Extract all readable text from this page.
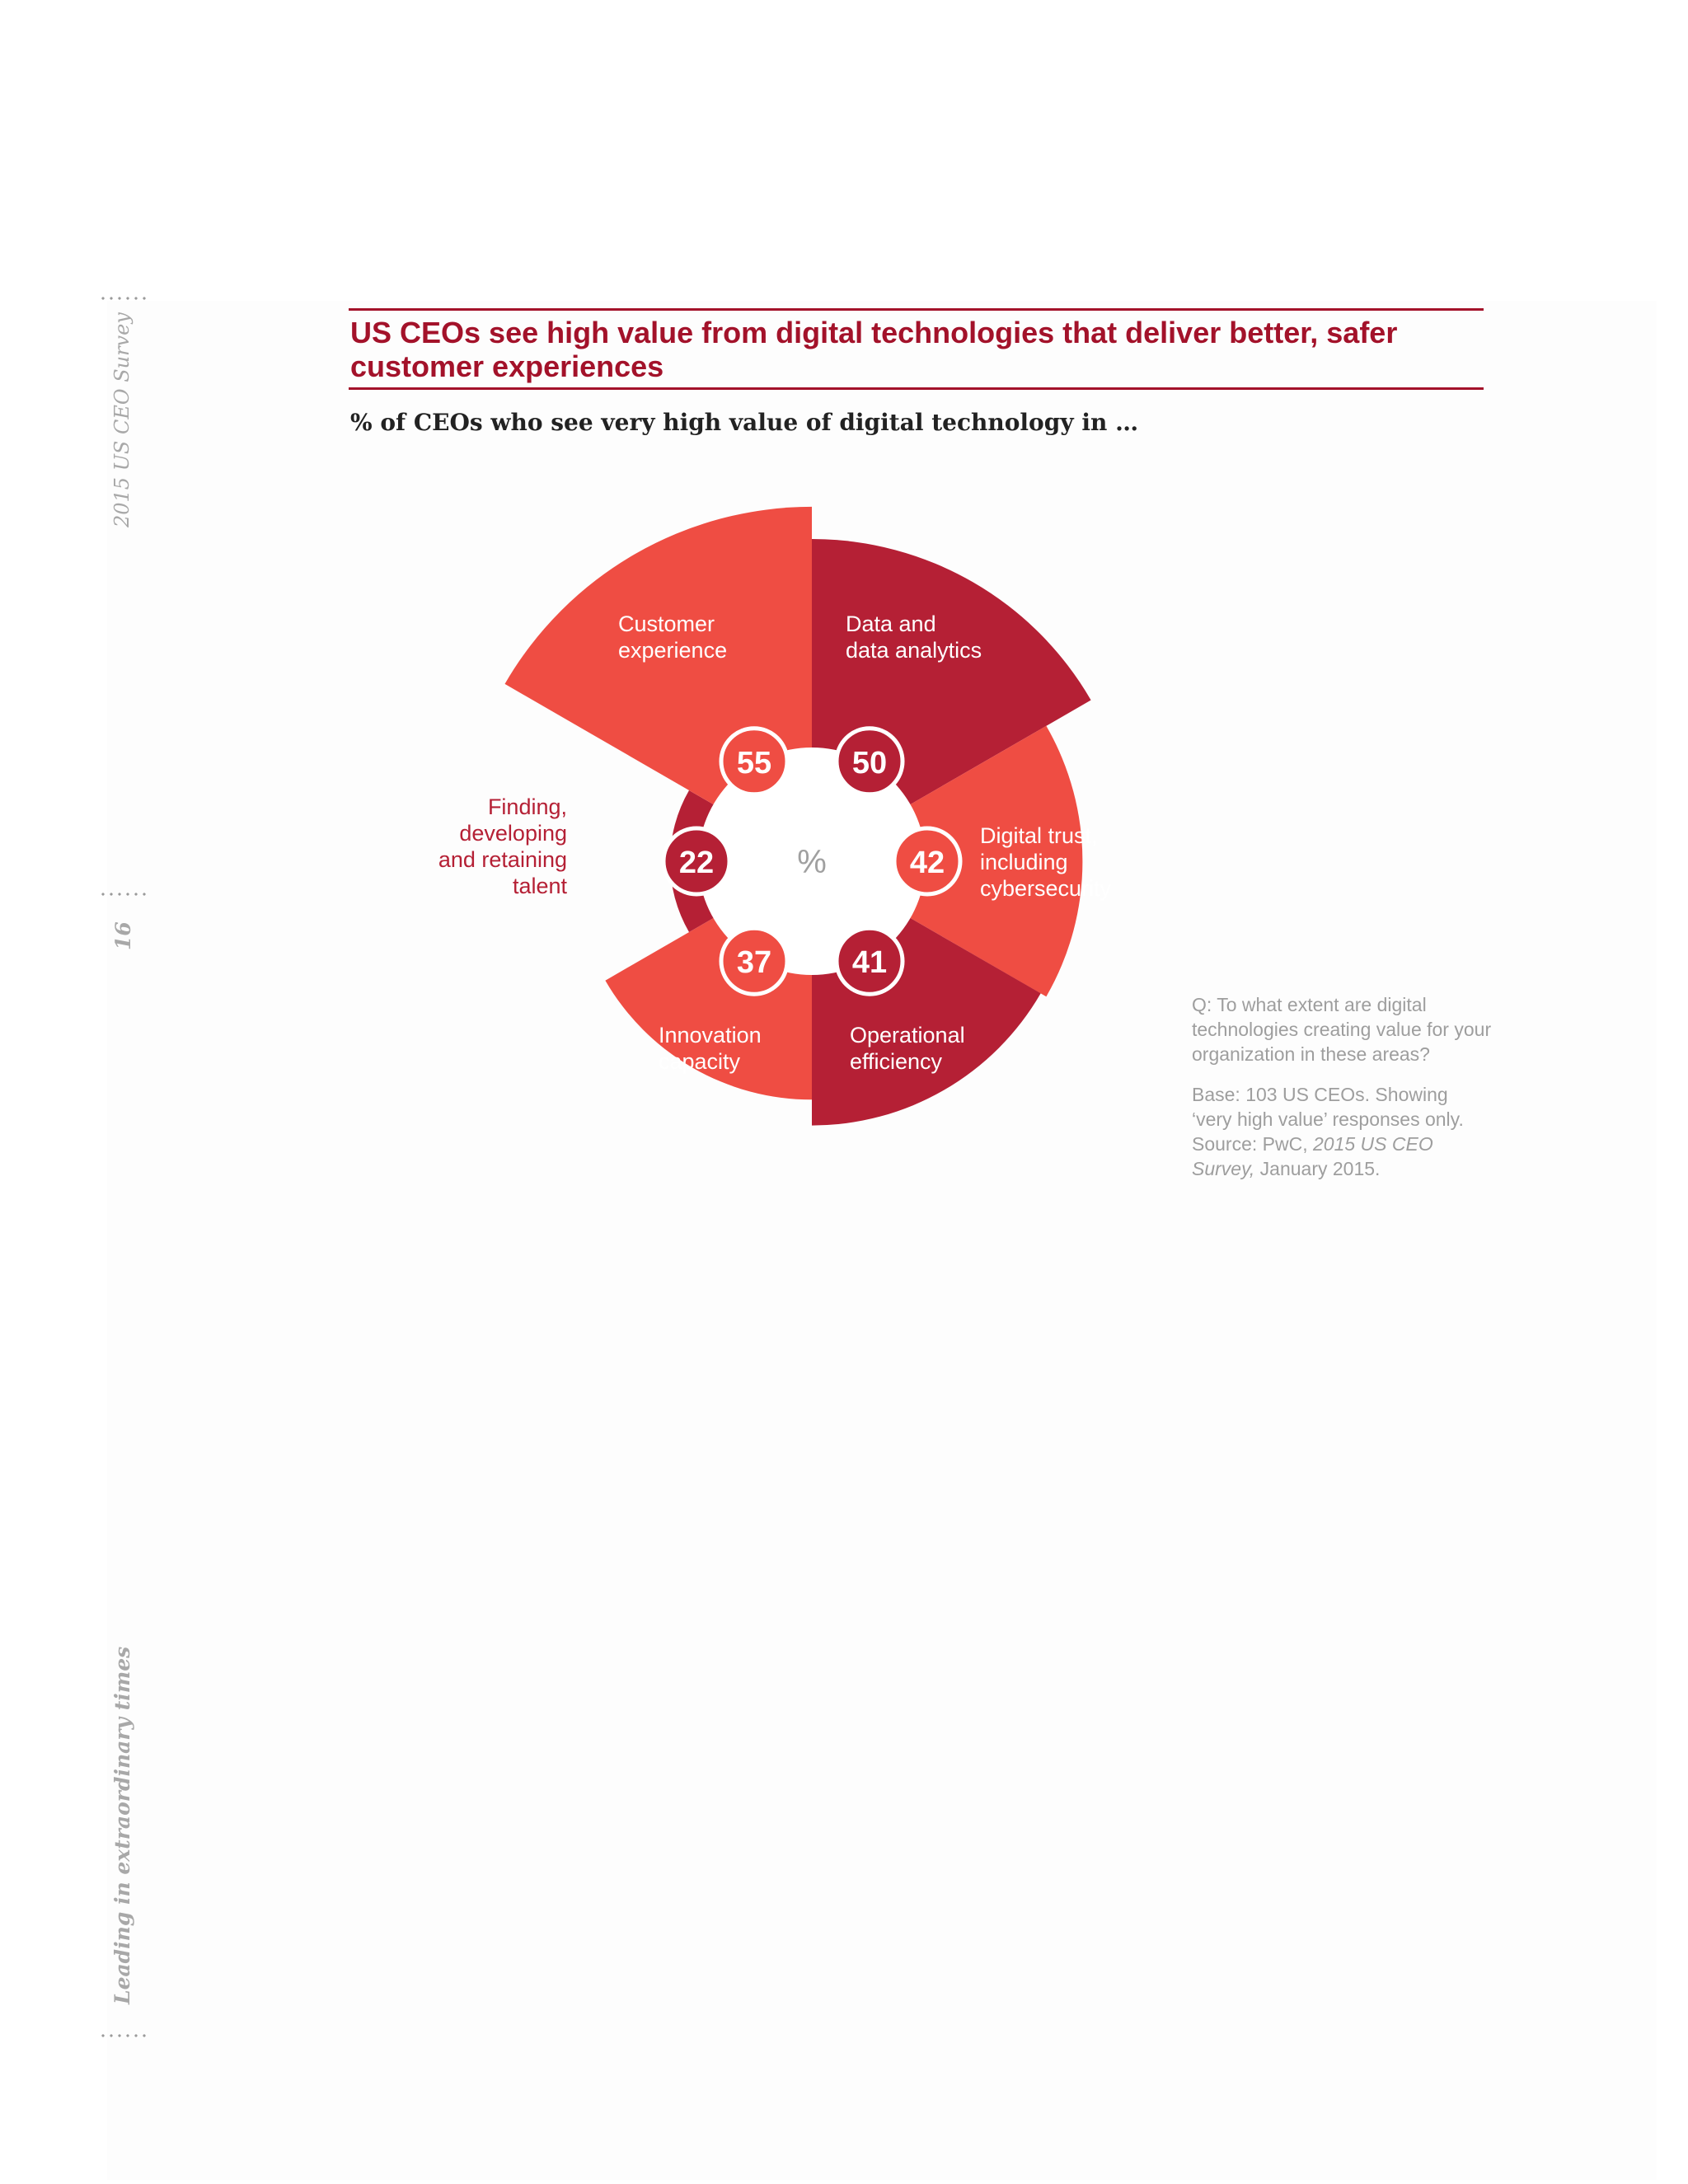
2015 US CEO Survey
16
Leading in extraordinary times
US CEOs see high value from digital technologies that deliver better, safer customer experiences
% of CEOs who see very high value of digital technology in …
Data and data analytics
Digital trust, including cybersecurity
Operational efficiency
Innovation capacity
Finding, developing and retaining talent
Customer experience
50
42
41
37
22
55
%
Q: To what extent are digital technologies creating value for your organization in these areas?
Base: 103 US CEOs. Showing
‘very high value’ responses only.
Source: PwC, 2015 US CEO
Survey, January 2015.
